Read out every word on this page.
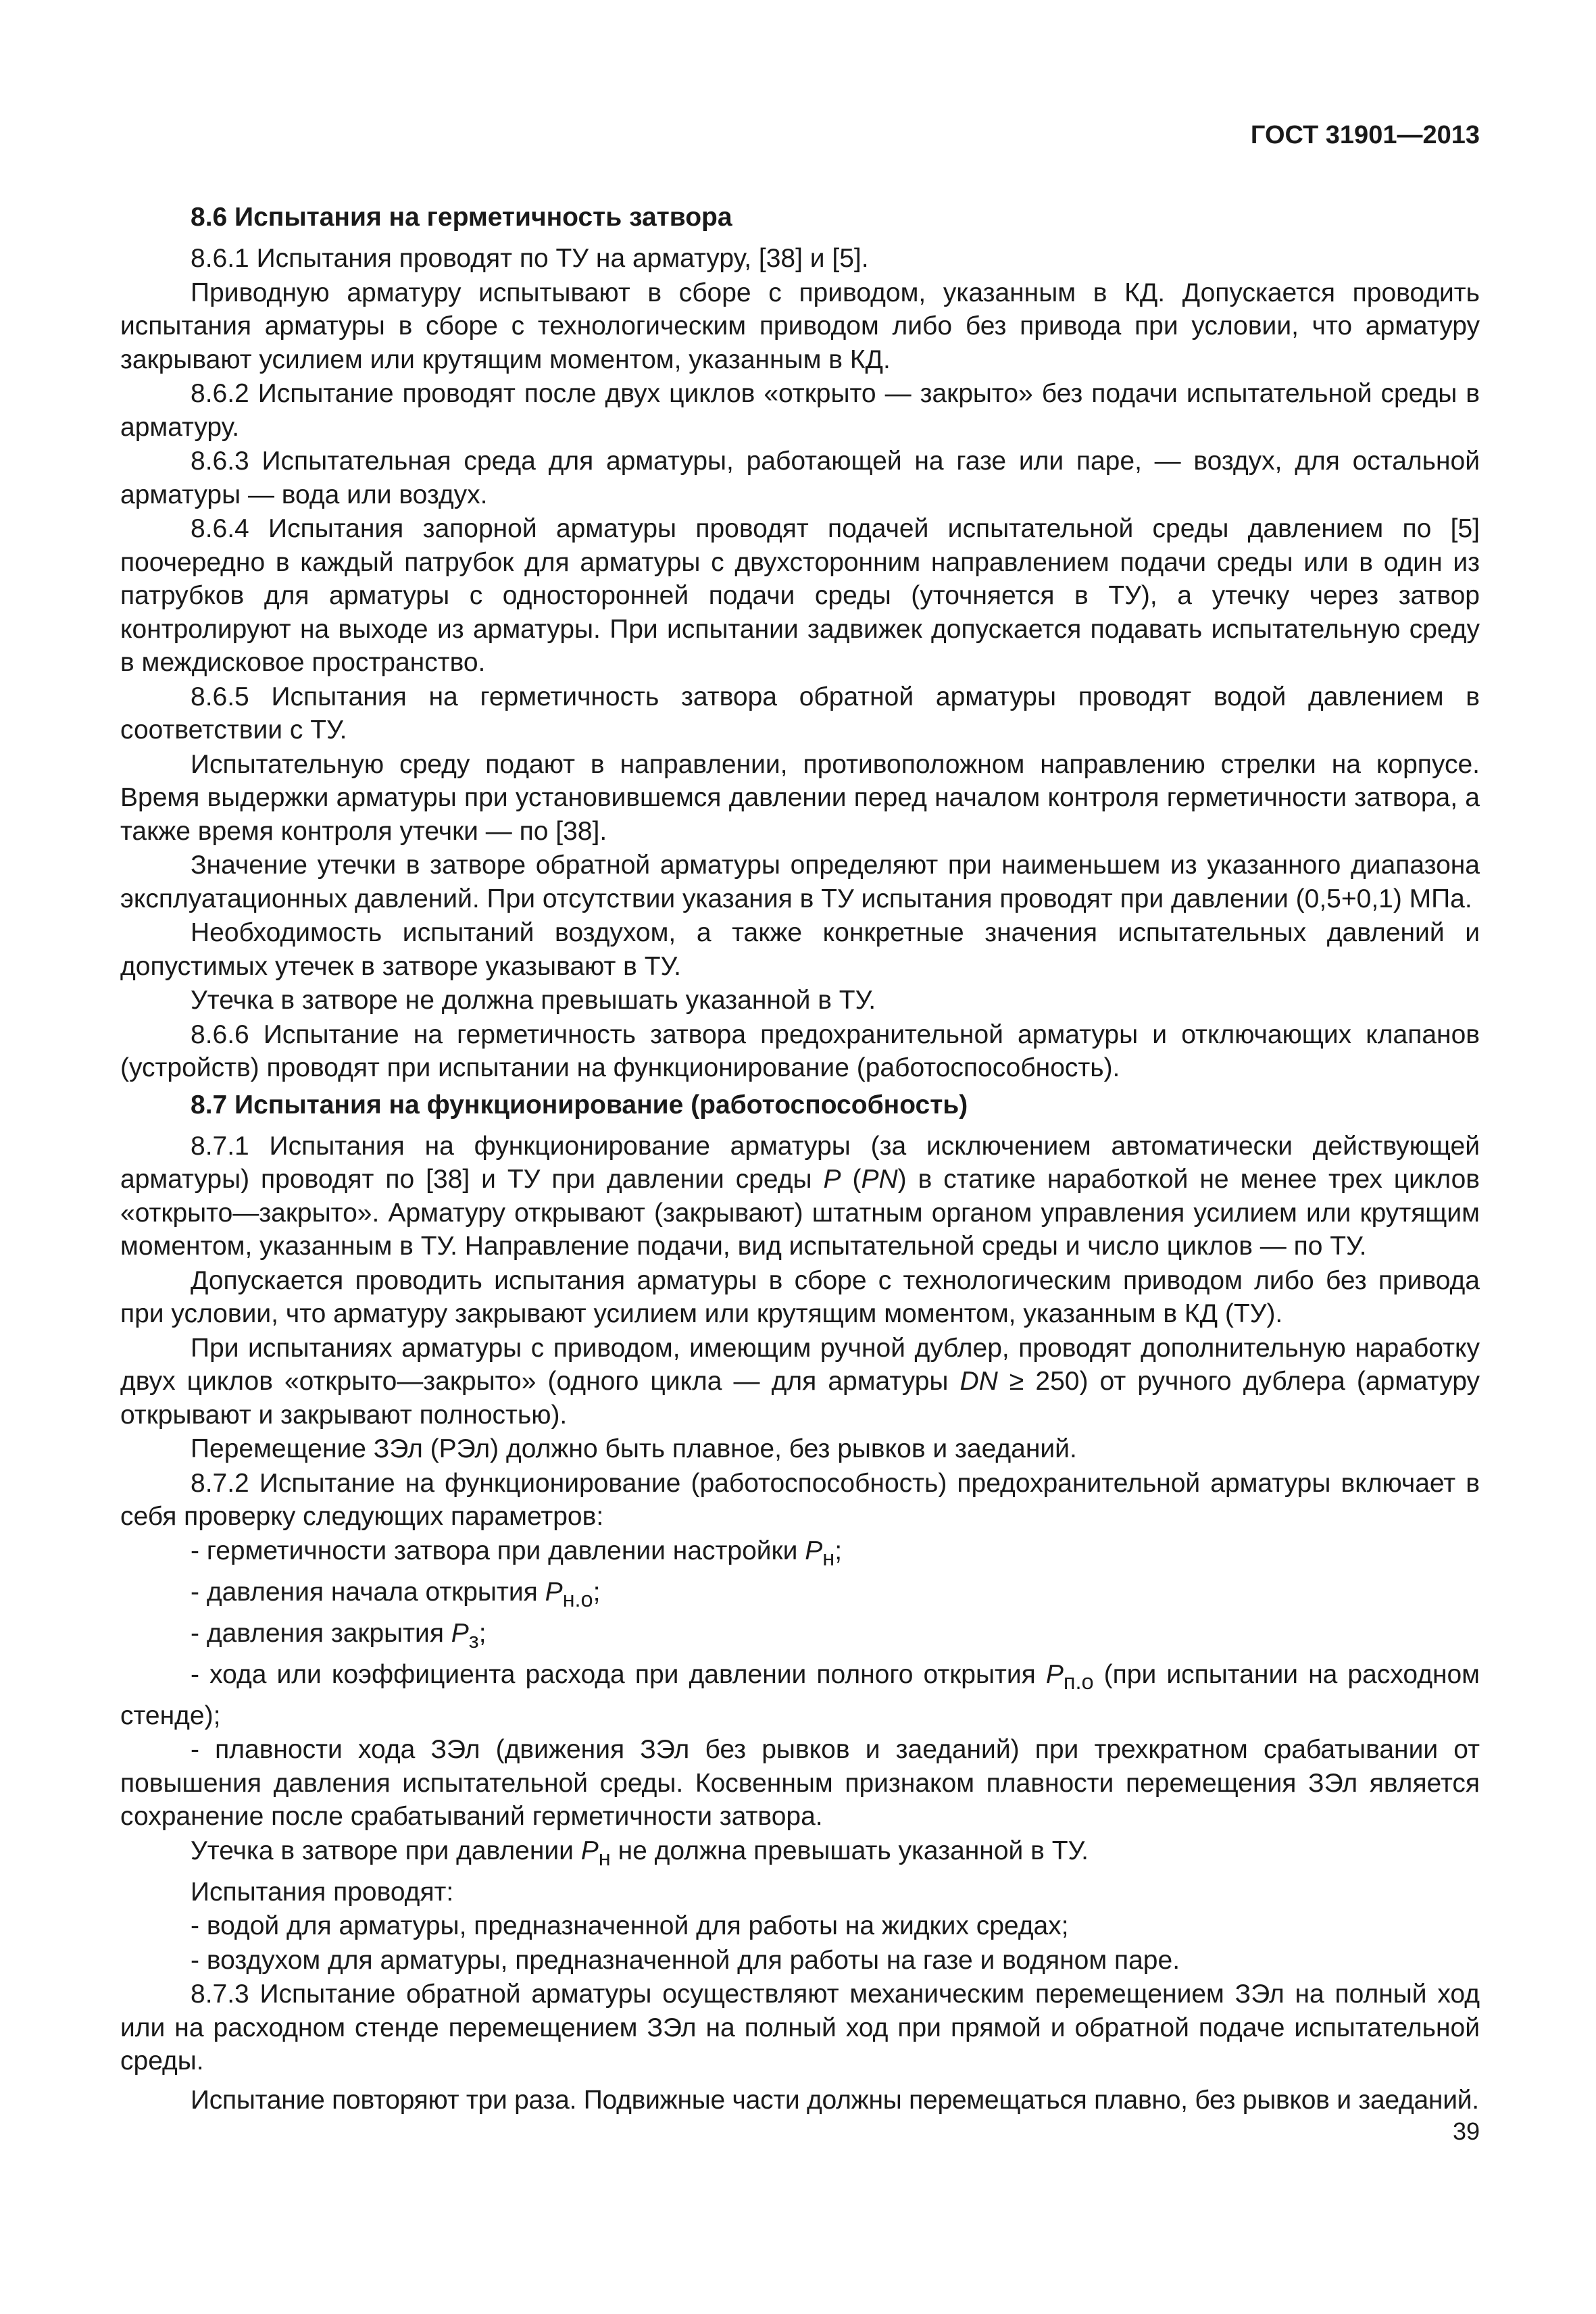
ГОСТ 31901—2013
8.6 Испытания на герметичность затвора

8.6.1 Испытания проводят по ТУ на арматуру, [38] и [5].

Приводную арматуру испытывают в сборе с приводом, указанным в КД. Допускается проводить испытания арматуры в сборе с технологическим приводом либо без привода при условии, что арматуру закрывают усилием или крутящим моментом, указанным в КД.

8.6.2 Испытание проводят после двух циклов «открыто — закрыто» без подачи испытательной среды в арматуру.

8.6.3 Испытательная среда для арматуры, работающей на газе или паре, — воздух, для остальной арматуры — вода или воздух.

8.6.4 Испытания запорной арматуры проводят подачей испытательной среды давлением по [5] поочередно в каждый патрубок для арматуры с двухсторонним направлением подачи среды или в один из патрубков для арматуры с односторонней подачи среды (уточняется в ТУ), а утечку через затвор контролируют на выходе из арматуры. При испытании задвижек допускается подавать испытательную среду в междисковое пространство.

8.6.5 Испытания на герметичность затвора обратной арматуры проводят водой давлением в соответствии с ТУ.

Испытательную среду подают в направлении, противоположном направлению стрелки на корпусе. Время выдержки арматуры при установившемся давлении перед началом контроля герметичности затвора, а также время контроля утечки — по [38].

Значение утечки в затворе обратной арматуры определяют при наименьшем из указанного диапазона эксплуатационных давлений. При отсутствии указания в ТУ испытания проводят при давлении (0,5+0,1) МПа.

Необходимость испытаний воздухом, а также конкретные значения испытательных давлений и допустимых утечек в затворе указывают в ТУ.

Утечка в затворе не должна превышать указанной в ТУ.

8.6.6 Испытание на герметичность затвора предохранительной арматуры и отключающих клапанов (устройств) проводят при испытании на функционирование (работоспособность).

8.7 Испытания на функционирование (работоспособность)

8.7.1 Испытания на функционирование арматуры (за исключением автоматически действующей арматуры) проводят по [38] и ТУ при давлении среды P (PN) в статике наработкой не менее трех циклов «открыто—закрыто». Арматуру открывают (закрывают) штатным органом управления усилием или крутящим моментом, указанным в ТУ. Направление подачи, вид испытательной среды и число циклов — по ТУ.

Допускается проводить испытания арматуры в сборе с технологическим приводом либо без привода при условии, что арматуру закрывают усилием или крутящим моментом, указанным в КД (ТУ).

При испытаниях арматуры с приводом, имеющим ручной дублер, проводят дополнительную наработку двух циклов «открыто—закрыто» (одного цикла — для арматуры DN ≥ 250) от ручного дублера (арматуру открывают и закрывают полностью).

Перемещение ЗЭл (РЭл) должно быть плавное, без рывков и заеданий.

8.7.2 Испытание на функционирование (работоспособность) предохранительной арматуры включает в себя проверку следующих параметров:

- герметичности затвора при давлении настройки $P_н$;

- давления начала открытия $P_{н.о}$;

- давления закрытия $P_з$;

- хода или коэффициента расхода при давлении полного открытия $P_{п.о}$ (при испытании на расходном стенде);

- плавности хода ЗЭл (движения ЗЭл без рывков и заеданий) при трехкратном срабатывании от повышения давления испытательной среды. Косвенным признаком плавности перемещения ЗЭл является сохранение после срабатываний герметичности затвора.

Утечка в затворе при давлении $P_н$ не должна превышать указанной в ТУ.

Испытания проводят:

- водой для арматуры, предназначенной для работы на жидких средах;

- воздухом для арматуры, предназначенной для работы на газе и водяном паре.

8.7.3 Испытание обратной арматуры осуществляют механическим перемещением ЗЭл на полный ход или на расходном стенде перемещением ЗЭл на полный ход при прямой и обратной подаче испытательной среды.

Испытание повторяют три раза. Подвижные части должны перемещаться плавно, без рывков и заеданий.

39
